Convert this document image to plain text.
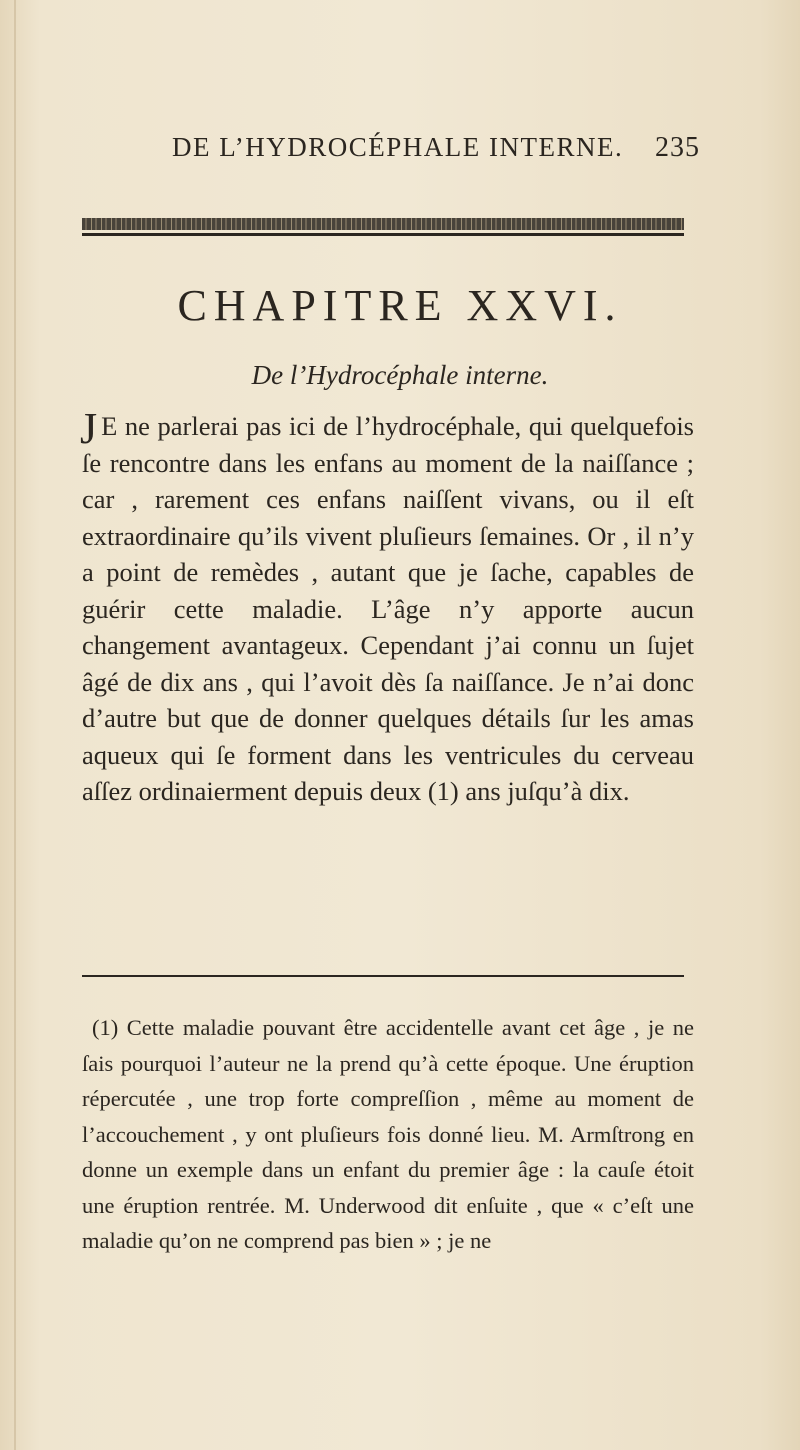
DE L’HYDROCÉPHALE INTERNE. 235
CHAPITRE XXVI.
De l’Hydrocéphale interne.
J E ne parlerai pas ici de l’hydrocéphale, qui quelquefois ſe rencontre dans les enfans au moment de la naiſſance ; car , rarement ces enfans naiſſent vivans, ou il eſt extraordinaire qu’ils vivent pluſieurs ſemaines. Or , il n’y a point de remèdes , autant que je ſache, capables de guérir cette maladie. L’âge n’y apporte aucun changement avantageux. Cependant j’ai connu un ſujet âgé de dix ans , qui l’avoit dès ſa naiſſance. Je n’ai donc d’autre but que de donner quelques détails ſur les amas aqueux qui ſe forment dans les ventricules du cerveau aſſez ordinaierment depuis deux (1) ans juſqu’à dix.
(1) Cette maladie pouvant être accidentelle avant cet âge , je ne ſais pourquoi l’auteur ne la prend qu’à cette époque. Une éruption répercutée , une trop forte compreſſion , même au moment de l’accouchement , y ont pluſieurs fois donné lieu. M. Armſtrong en donne un exemple dans un enfant du premier âge : la cauſe étoit une éruption rentrée. M. Underwood dit enſuite , que « c’eſt une maladie qu’on ne comprend pas bien » ; je ne
